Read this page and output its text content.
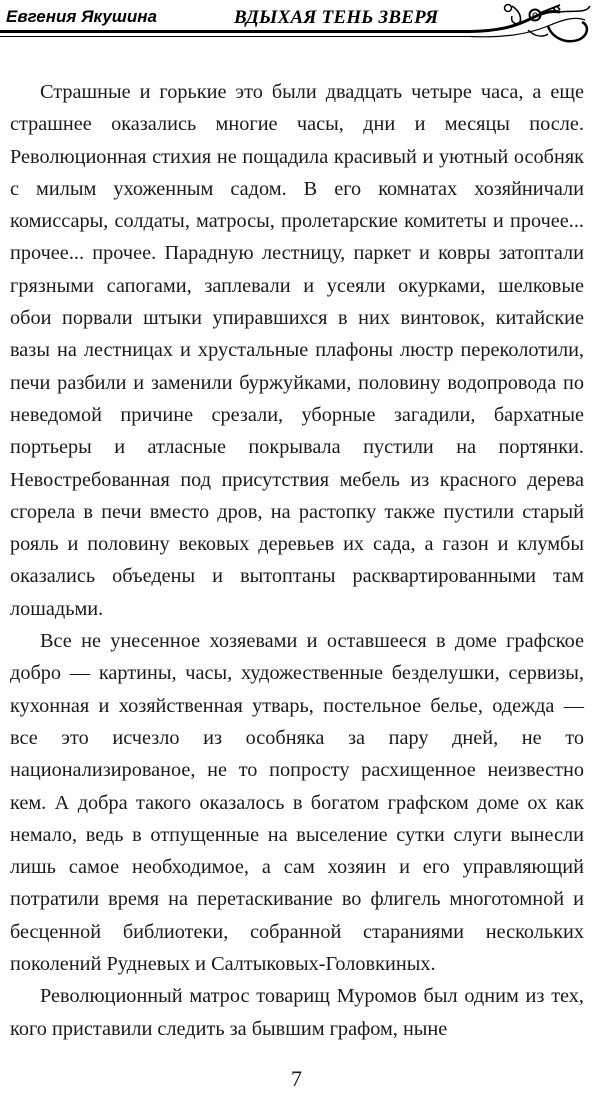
Евгения Якушина	ВДЫХАЯ ТЕНЬ ЗВЕРЯ

Страшные и горькие это были двадцать четыре часа, а еще страшнее оказались многие часы, дни и месяцы после. Революционная стихия не пощадила красивый и уютный особняк с милым ухоженным садом. В его комнатах хозяйничали комиссары, солдаты, матросы, пролетарские комитеты и прочее... прочее... прочее. Парадную лестницу, паркет и ковры затоптали грязными сапогами, заплевали и усеяли окурками, шелковые обои порвали штыки упиравшихся в них винтовок, китайские вазы на лестницах и хрустальные плафоны люстр переколотили, печи разбили и заменили буржуйками, половину водопровода по неведомой причине срезали, уборные загадили, бархатные портьеры и атласные покрывала пустили на портянки. Невостребованная под присутствия мебель из красного дерева сгорела в печи вместо дров, на растопку также пустили старый рояль и половину вековых деревьев их сада, а газон и клумбы оказались объедены и вытоптаны расквартированными там лошадьми.

Все не унесенное хозяевами и оставшееся в доме графское добро — картины, часы, художественные безделушки, сервизы, кухонная и хозяйственная утварь, постельное белье, одежда — все это исчезло из особняка за пару дней, не то национализированое, не то попросту расхищенное неизвестно кем. А добра такого оказалось в богатом графском доме ох как немало, ведь в отпущенные на выселение сутки слуги вынесли лишь самое необходимое, а сам хозяин и его управляющий потратили время на перетаскивание во флигель многотомной и бесценной библиотеки, собранной стараниями нескольких поколений Рудневых и Салтыковых-Головкиных.

Революционный матрос товарищ Муромов был одним из тех, кого приставили следить за бывшим графом, ныне

7
